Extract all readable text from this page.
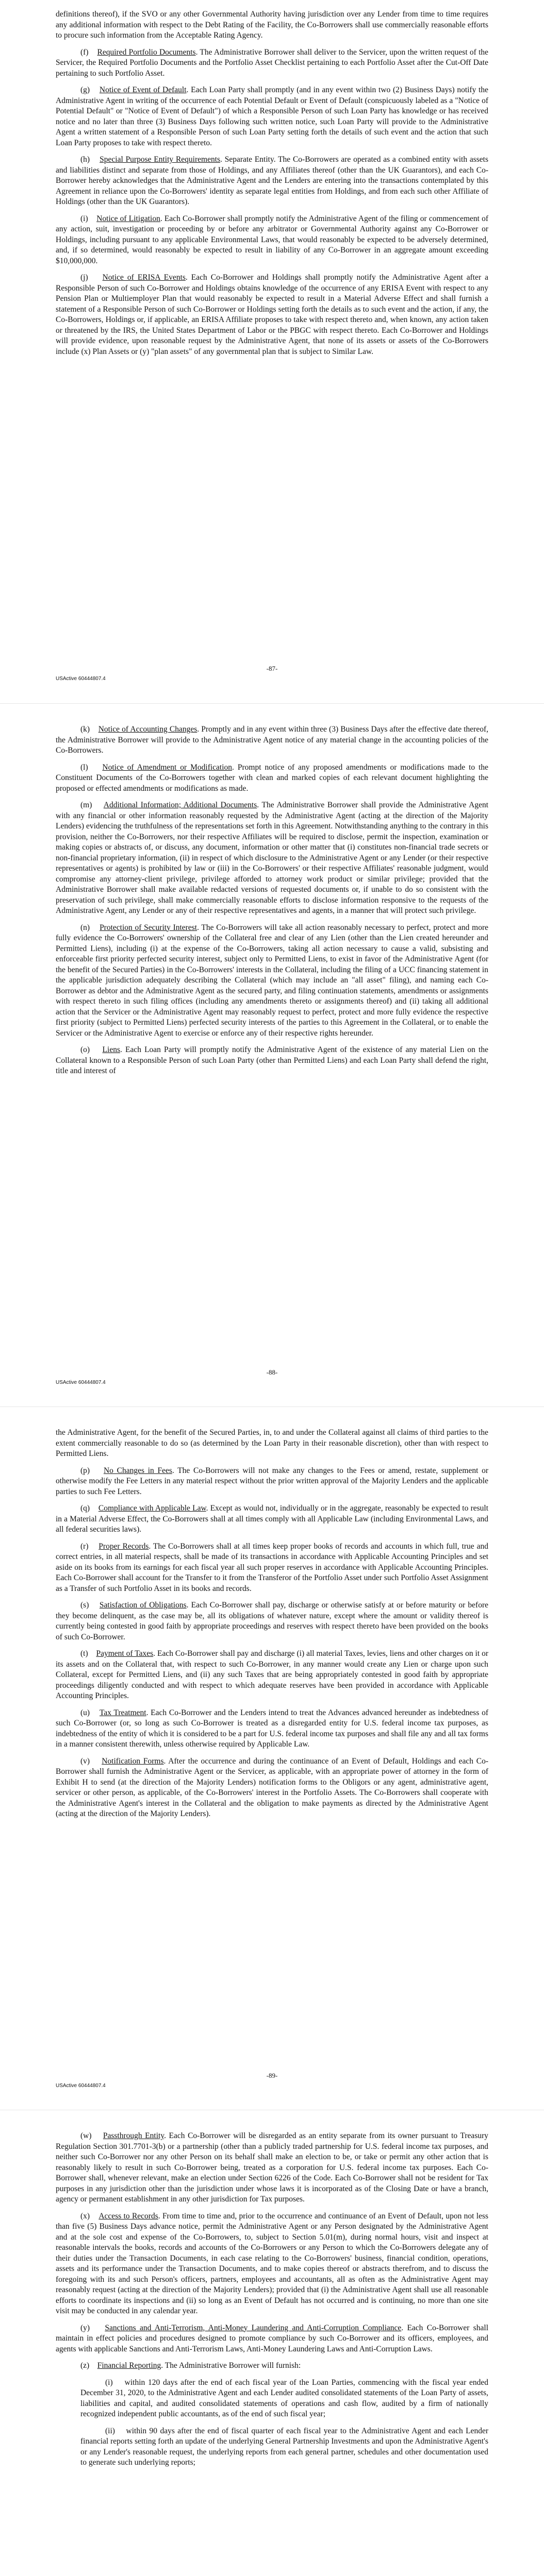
definitions thereof), if the SVO or any other Governmental Authority having jurisdiction over any Lender from time to time requires any additional information with respect to the Debt Rating of the Facility, the Co-Borrowers shall use commercially reasonable efforts to procure such information from the Acceptable Rating Agency.

(f) Required Portfolio Documents. The Administrative Borrower shall deliver to the Servicer, upon the written request of the Servicer, the Required Portfolio Documents and the Portfolio Asset Checklist pertaining to each Portfolio Asset after the Cut-Off Date pertaining to such Portfolio Asset.

(g) Notice of Event of Default. Each Loan Party shall promptly (and in any event within two (2) Business Days) notify the Administrative Agent in writing of the occurrence of each Potential Default or Event of Default (conspicuously labeled as a "Notice of Potential Default" or "Notice of Event of Default") of which a Responsible Person of such Loan Party has knowledge or has received notice and no later than three (3) Business Days following such written notice, such Loan Party will provide to the Administrative Agent a written statement of a Responsible Person of such Loan Party setting forth the details of such event and the action that such Loan Party proposes to take with respect thereto.

(h) Special Purpose Entity Requirements. Separate Entity. The Co-Borrowers are operated as a combined entity with assets and liabilities distinct and separate from those of Holdings, and any Affiliates thereof (other than the UK Guarantors), and each Co-Borrower hereby acknowledges that the Administrative Agent and the Lenders are entering into the transactions contemplated by this Agreement in reliance upon the Co-Borrowers' identity as separate legal entities from Holdings, and from each such other Affiliate of Holdings (other than the UK Guarantors).

(i) Notice of Litigation. Each Co-Borrower shall promptly notify the Administrative Agent of the filing or commencement of any action, suit, investigation or proceeding by or before any arbitrator or Governmental Authority against any Co-Borrower or Holdings, including pursuant to any applicable Environmental Laws, that would reasonably be expected to be adversely determined, and, if so determined, would reasonably be expected to result in liability of any Co-Borrower in an aggregate amount exceeding $10,000,000.

(j) Notice of ERISA Events. Each Co-Borrower and Holdings shall promptly notify the Administrative Agent after a Responsible Person of such Co-Borrower and Holdings obtains knowledge of the occurrence of any ERISA Event with respect to any Pension Plan or Multiemployer Plan that would reasonably be expected to result in a Material Adverse Effect and shall furnish a statement of a Responsible Person of such Co-Borrower or Holdings setting forth the details as to such event and the action, if any, the Co-Borrowers, Holdings or, if applicable, an ERISA Affiliate proposes to take with respect thereto and, when known, any action taken or threatened by the IRS, the United States Department of Labor or the PBGC with respect thereto. Each Co-Borrower and Holdings will provide evidence, upon reasonable request by the Administrative Agent, that none of its assets or assets of the Co-Borrowers include (x) Plan Assets or (y) "plan assets" of any governmental plan that is subject to Similar Law.

-87-
USActive 60444807.4

(k) Notice of Accounting Changes. Promptly and in any event within three (3) Business Days after the effective date thereof, the Administrative Borrower will provide to the Administrative Agent notice of any material change in the accounting policies of the Co-Borrowers.

(l) Notice of Amendment or Modification. Prompt notice of any proposed amendments or modifications made to the Constituent Documents of the Co-Borrowers together with clean and marked copies of each relevant document highlighting the proposed or effected amendments or modifications as made.

(m) Additional Information; Additional Documents. The Administrative Borrower shall provide the Administrative Agent with any financial or other information reasonably requested by the Administrative Agent (acting at the direction of the Majority Lenders) evidencing the truthfulness of the representations set forth in this Agreement. Notwithstanding anything to the contrary in this provision, neither the Co-Borrowers, nor their respective Affiliates will be required to disclose, permit the inspection, examination or making copies or abstracts of, or discuss, any document, information or other matter that (i) constitutes non-financial trade secrets or non-financial proprietary information, (ii) in respect of which disclosure to the Administrative Agent or any Lender (or their respective representatives or agents) is prohibited by law or (iii) in the Co-Borrowers' or their respective Affiliates' reasonable judgment, would compromise any attorney-client privilege, privilege afforded to attorney work product or similar privilege; provided that the Administrative Borrower shall make available redacted versions of requested documents or, if unable to do so consistent with the preservation of such privilege, shall make commercially reasonable efforts to disclose information responsive to the requests of the Administrative Agent, any Lender or any of their respective representatives and agents, in a manner that will protect such privilege.

(n) Protection of Security Interest. The Co-Borrowers will take all action reasonably necessary to perfect, protect and more fully evidence the Co-Borrowers' ownership of the Collateral free and clear of any Lien (other than the Lien created hereunder and Permitted Liens), including (i) at the expense of the Co-Borrowers, taking all action necessary to cause a valid, subsisting and enforceable first priority perfected security interest, subject only to Permitted Liens, to exist in favor of the Administrative Agent (for the benefit of the Secured Parties) in the Co-Borrowers' interests in the Collateral, including the filing of a UCC financing statement in the applicable jurisdiction adequately describing the Collateral (which may include an "all asset" filing), and naming each Co-Borrower as debtor and the Administrative Agent as the secured party, and filing continuation statements, amendments or assignments with respect thereto in such filing offices (including any amendments thereto or assignments thereof) and (ii) taking all additional action that the Servicer or the Administrative Agent may reasonably request to perfect, protect and more fully evidence the respective first priority (subject to Permitted Liens) perfected security interests of the parties to this Agreement in the Collateral, or to enable the Servicer or the Administrative Agent to exercise or enforce any of their respective rights hereunder.

(o) Liens. Each Loan Party will promptly notify the Administrative Agent of the existence of any material Lien on the Collateral known to a Responsible Person of such Loan Party (other than Permitted Liens) and each Loan Party shall defend the right, title and interest of

-88-
USActive 60444807.4

the Administrative Agent, for the benefit of the Secured Parties, in, to and under the Collateral against all claims of third parties to the extent commercially reasonable to do so (as determined by the Loan Party in their reasonable discretion), other than with respect to Permitted Liens.

(p) No Changes in Fees. The Co-Borrowers will not make any changes to the Fees or amend, restate, supplement or otherwise modify the Fee Letters in any material respect without the prior written approval of the Majority Lenders and the applicable parties to such Fee Letters.

(q) Compliance with Applicable Law. Except as would not, individually or in the aggregate, reasonably be expected to result in a Material Adverse Effect, the Co-Borrowers shall at all times comply with all Applicable Law (including Environmental Laws, and all federal securities laws).

(r) Proper Records. The Co-Borrowers shall at all times keep proper books of records and accounts in which full, true and correct entries, in all material respects, shall be made of its transactions in accordance with Applicable Accounting Principles and set aside on its books from its earnings for each fiscal year all such proper reserves in accordance with Applicable Accounting Principles. Each Co-Borrower shall account for the Transfer to it from the Transferor of the Portfolio Asset under such Portfolio Asset Assignment as a Transfer of such Portfolio Asset in its books and records.

(s) Satisfaction of Obligations. Each Co-Borrower shall pay, discharge or otherwise satisfy at or before maturity or before they become delinquent, as the case may be, all its obligations of whatever nature, except where the amount or validity thereof is currently being contested in good faith by appropriate proceedings and reserves with respect thereto have been provided on the books of such Co-Borrower.

(t) Payment of Taxes. Each Co-Borrower shall pay and discharge (i) all material Taxes, levies, liens and other charges on it or its assets and on the Collateral that, with respect to such Co-Borrower, in any manner would create any Lien or charge upon such Collateral, except for Permitted Liens, and (ii) any such Taxes that are being appropriately contested in good faith by appropriate proceedings diligently conducted and with respect to which adequate reserves have been provided in accordance with Applicable Accounting Principles.

(u) Tax Treatment. Each Co-Borrower and the Lenders intend to treat the Advances advanced hereunder as indebtedness of such Co-Borrower (or, so long as such Co-Borrower is treated as a disregarded entity for U.S. federal income tax purposes, as indebtedness of the entity of which it is considered to be a part for U.S. federal income tax purposes and shall file any and all tax forms in a manner consistent therewith, unless otherwise required by Applicable Law.

(v) Notification Forms. After the occurrence and during the continuance of an Event of Default, Holdings and each Co-Borrower shall furnish the Administrative Agent or the Servicer, as applicable, with an appropriate power of attorney in the form of Exhibit H to send (at the direction of the Majority Lenders) notification forms to the Obligors or any agent, administrative agent, servicer or other person, as applicable, of the Co-Borrowers' interest in the Portfolio Assets. The Co-Borrowers shall cooperate with the Administrative Agent's interest in the Collateral and the obligation to make payments as directed by the Administrative Agent (acting at the direction of the Majority Lenders).

-89-
USActive 60444807.4

(w) Passthrough Entity. Each Co-Borrower will be disregarded as an entity separate from its owner pursuant to Treasury Regulation Section 301.7701-3(b) or a partnership (other than a publicly traded partnership for U.S. federal income tax purposes, and neither such Co-Borrower nor any other Person on its behalf shall make an election to be, or take or permit any other action that is reasonably likely to result in such Co-Borrower being, treated as a corporation for U.S. federal income tax purposes. Each Co-Borrower shall, whenever relevant, make an election under Section 6226 of the Code. Each Co-Borrower shall not be resident for Tax purposes in any jurisdiction other than the jurisdiction under whose laws it is incorporated as of the Closing Date or have a branch, agency or permanent establishment in any other jurisdiction for Tax purposes.

(x) Access to Records. From time to time and, prior to the occurrence and continuance of an Event of Default, upon not less than five (5) Business Days advance notice, permit the Administrative Agent or any Person designated by the Administrative Agent and at the sole cost and expense of the Co-Borrowers, to, subject to Section 5.01(m), during normal hours, visit and inspect at reasonable intervals the books, records and accounts of the Co-Borrowers or any Person to which the Co-Borrowers delegate any of their duties under the Transaction Documents, in each case relating to the Co-Borrowers' business, financial condition, operations, assets and its performance under the Transaction Documents, and to make copies thereof or abstracts therefrom, and to discuss the foregoing with its and such Person's officers, partners, employees and accountants, all as often as the Administrative Agent may reasonably request (acting at the direction of the Majority Lenders); provided that (i) the Administrative Agent shall use all reasonable efforts to coordinate its inspections and (ii) so long as an Event of Default has not occurred and is continuing, no more than one site visit may be conducted in any calendar year.

(y) Sanctions and Anti-Terrorism, Anti-Money Laundering and Anti-Corruption Compliance. Each Co-Borrower shall maintain in effect policies and procedures designed to promote compliance by such Co-Borrower and its officers, employees, and agents with applicable Sanctions and Anti-Terrorism Laws, Anti-Money Laundering Laws and Anti-Corruption Laws.

(z) Financial Reporting. The Administrative Borrower will furnish:

(i) within 120 days after the end of each fiscal year of the Loan Parties, commencing with the fiscal year ended December 31, 2020, to the Administrative Agent and each Lender audited consolidated statements of the Loan Party of assets, liabilities and capital, and audited consolidated statements of operations and cash flow, audited by a firm of nationally recognized independent public accountants, as of the end of such fiscal year;

(ii) within 90 days after the end of fiscal quarter of each fiscal year to the Administrative Agent and each Lender financial reports setting forth an update of the underlying General Partnership Investments and upon the Administrative Agent's or any Lender's reasonable request, the underlying reports from each general partner, schedules and other documentation used to generate such underlying reports;
